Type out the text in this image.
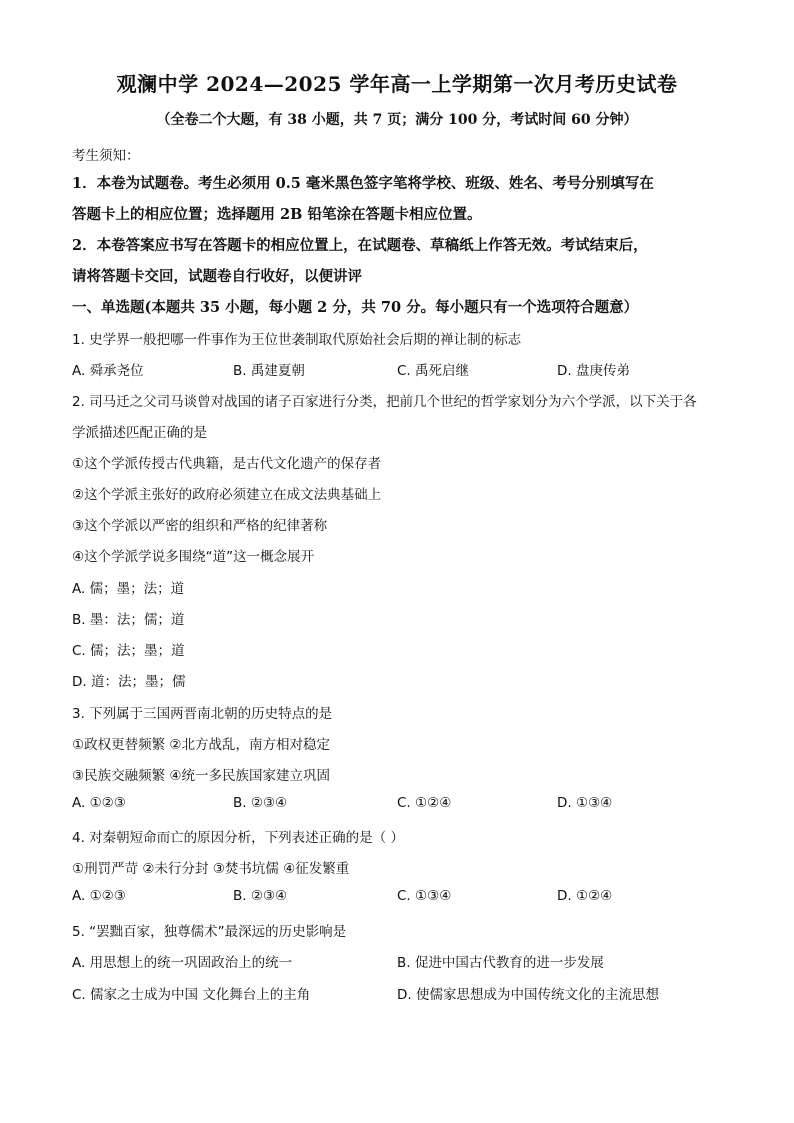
观澜中学 2024—2025 学年高一上学期第一次月考历史试卷
（全卷二个大题，有 38 小题，共 7 页；满分 100 分，考试时间 60 分钟）
考生须知：
1．本卷为试题卷。考生必须用 0.5 毫米黑色签字笔将学校、班级、姓名、考号分别填写在
答题卡上的相应位置；选择题用 2B 铅笔涂在答题卡相应位置。
2．本卷答案应书写在答题卡的相应位置上，在试题卷、草稿纸上作答无效。考试结束后，
请将答题卡交回，试题卷自行收好，以便讲评
一、单选题(本题共 35 小题，每小题 2 分，共 70 分。每小题只有一个选项符合题意）
1. 史学界一般把哪一件事作为王位世袭制取代原始社会后期的禅让制的标志
A. 舜承尧位	B. 禹建夏朝	C. 禹死启继	D. 盘庚传弟
2. 司马迁之父司马谈曾对战国的诸子百家进行分类，把前几个世纪的哲学家划分为六个学派，以下关于各
学派描述匹配正确的是
①这个学派传授古代典籍，是古代文化遗产的保存者
②这个学派主张好的政府必须建立在成文法典基础上
③这个学派以严密的组织和严格的纪律著称
④这个学派学说多围绕“道”这一概念展开
A. 儒；墨；法；道
B. 墨：法；儒；道
C. 儒；法；墨；道
D. 道：法；墨；儒
3. 下列属于三国两晋南北朝的历史特点的是
①政权更替频繁 ②北方战乱，南方相对稳定
③民族交融频繁 ④统一多民族国家建立巩固
A. ①②③	B. ②③④	C. ①②④	D. ①③④
4. 对秦朝短命而亡的原因分析，下列表述正确的是（ ）
①刑罚严苛 ②未行分封 ③焚书坑儒 ④征发繁重
A. ①②③	B. ②③④	C. ①③④	D. ①②④
5. “罢黜百家，独尊儒术”最深远的历史影响是
A. 用思想上的统一巩固政治上的统一	B. 促进中国古代教育的进一步发展
C. 儒家之士成为中国 文化舞台上的主角	D. 使儒家思想成为中国传统文化的主流思想
